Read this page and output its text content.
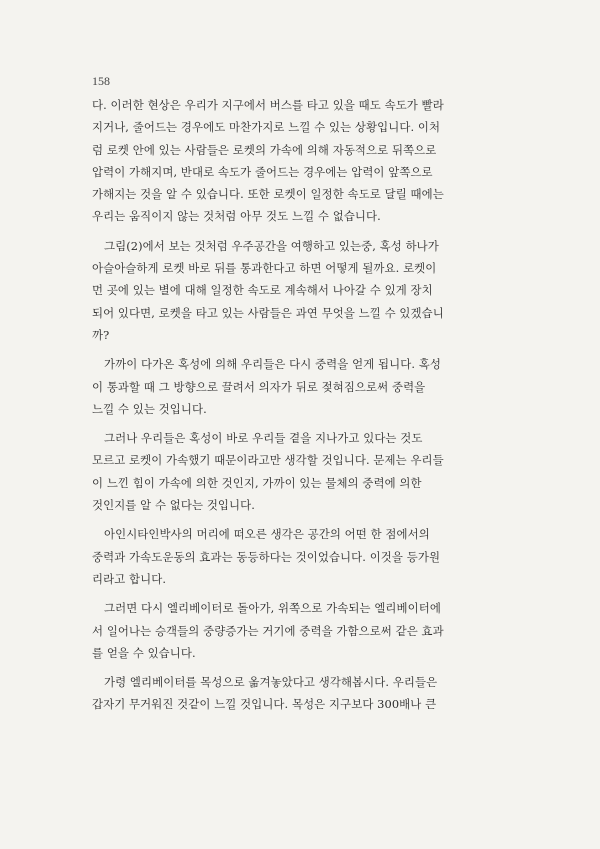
158
다. 이러한 현상은 우리가 지구에서 버스를 타고 있을 때도 속도가 빨라
지거나, 줄어드는 경우에도 마찬가지로 느낄 수 있는 상황입니다. 이처
럼 로켓 안에 있는 사람들은 로켓의 가속에 의해 자동적으로 뒤쪽으로
압력이 가해지며, 반대로 속도가 줄어드는 경우에는 압력이 앞쪽으로
가해지는 것을 알 수 있습니다. 또한 로켓이 일정한 속도로 달릴 때에는
우리는 움직이지 않는 것처럼 아무 것도 느낄 수 없습니다.
그림(2)에서 보는 것처럼 우주공간을 여행하고 있는중, 혹성 하나가
아슬아슬하게 로켓 바로 뒤를 통과한다고 하면 어떻게 될까요. 로켓이
먼 곳에 있는 별에 대해 일정한 속도로 계속해서 나아갈 수 있게 장치
되어 있다면, 로켓을 타고 있는 사람들은 과연 무엇을 느낄 수 있겠습니
까?
가까이 다가온 혹성에 의해 우리들은 다시 중력을 얻게 됩니다. 혹성
이 통과할 때 그 방향으로 끌려서 의자가 뒤로 젖혀짐으로써 중력을
느낄 수 있는 것입니다.
그러나 우리들은 혹성이 바로 우리들 곁을 지나가고 있다는 것도
모르고 로켓이 가속했기 때문이라고만 생각할 것입니다. 문제는 우리들
이 느낀 힘이 가속에 의한 것인지, 가까이 있는 물체의 중력에 의한
것인지를 알 수 없다는 것입니다.
아인시타인박사의 머리에 떠오른 생각은 공간의 어떤 한 점에서의
중력과 가속도운동의 효과는 동등하다는 것이었습니다. 이것을 등가원
리라고 합니다.
그러면 다시 엘리베이터로 돌아가, 위쪽으로 가속되는 엘리베이터에
서 일어나는 승객들의 중량증가는 거기에 중력을 가함으로써 같은 효과
를 얻을 수 있습니다.
가령 엘리베이터를 목성으로 옮겨놓았다고 생각해봅시다. 우리들은
갑자기 무거워진 것같이 느낄 것입니다. 목성은 지구보다 300배나 큰
